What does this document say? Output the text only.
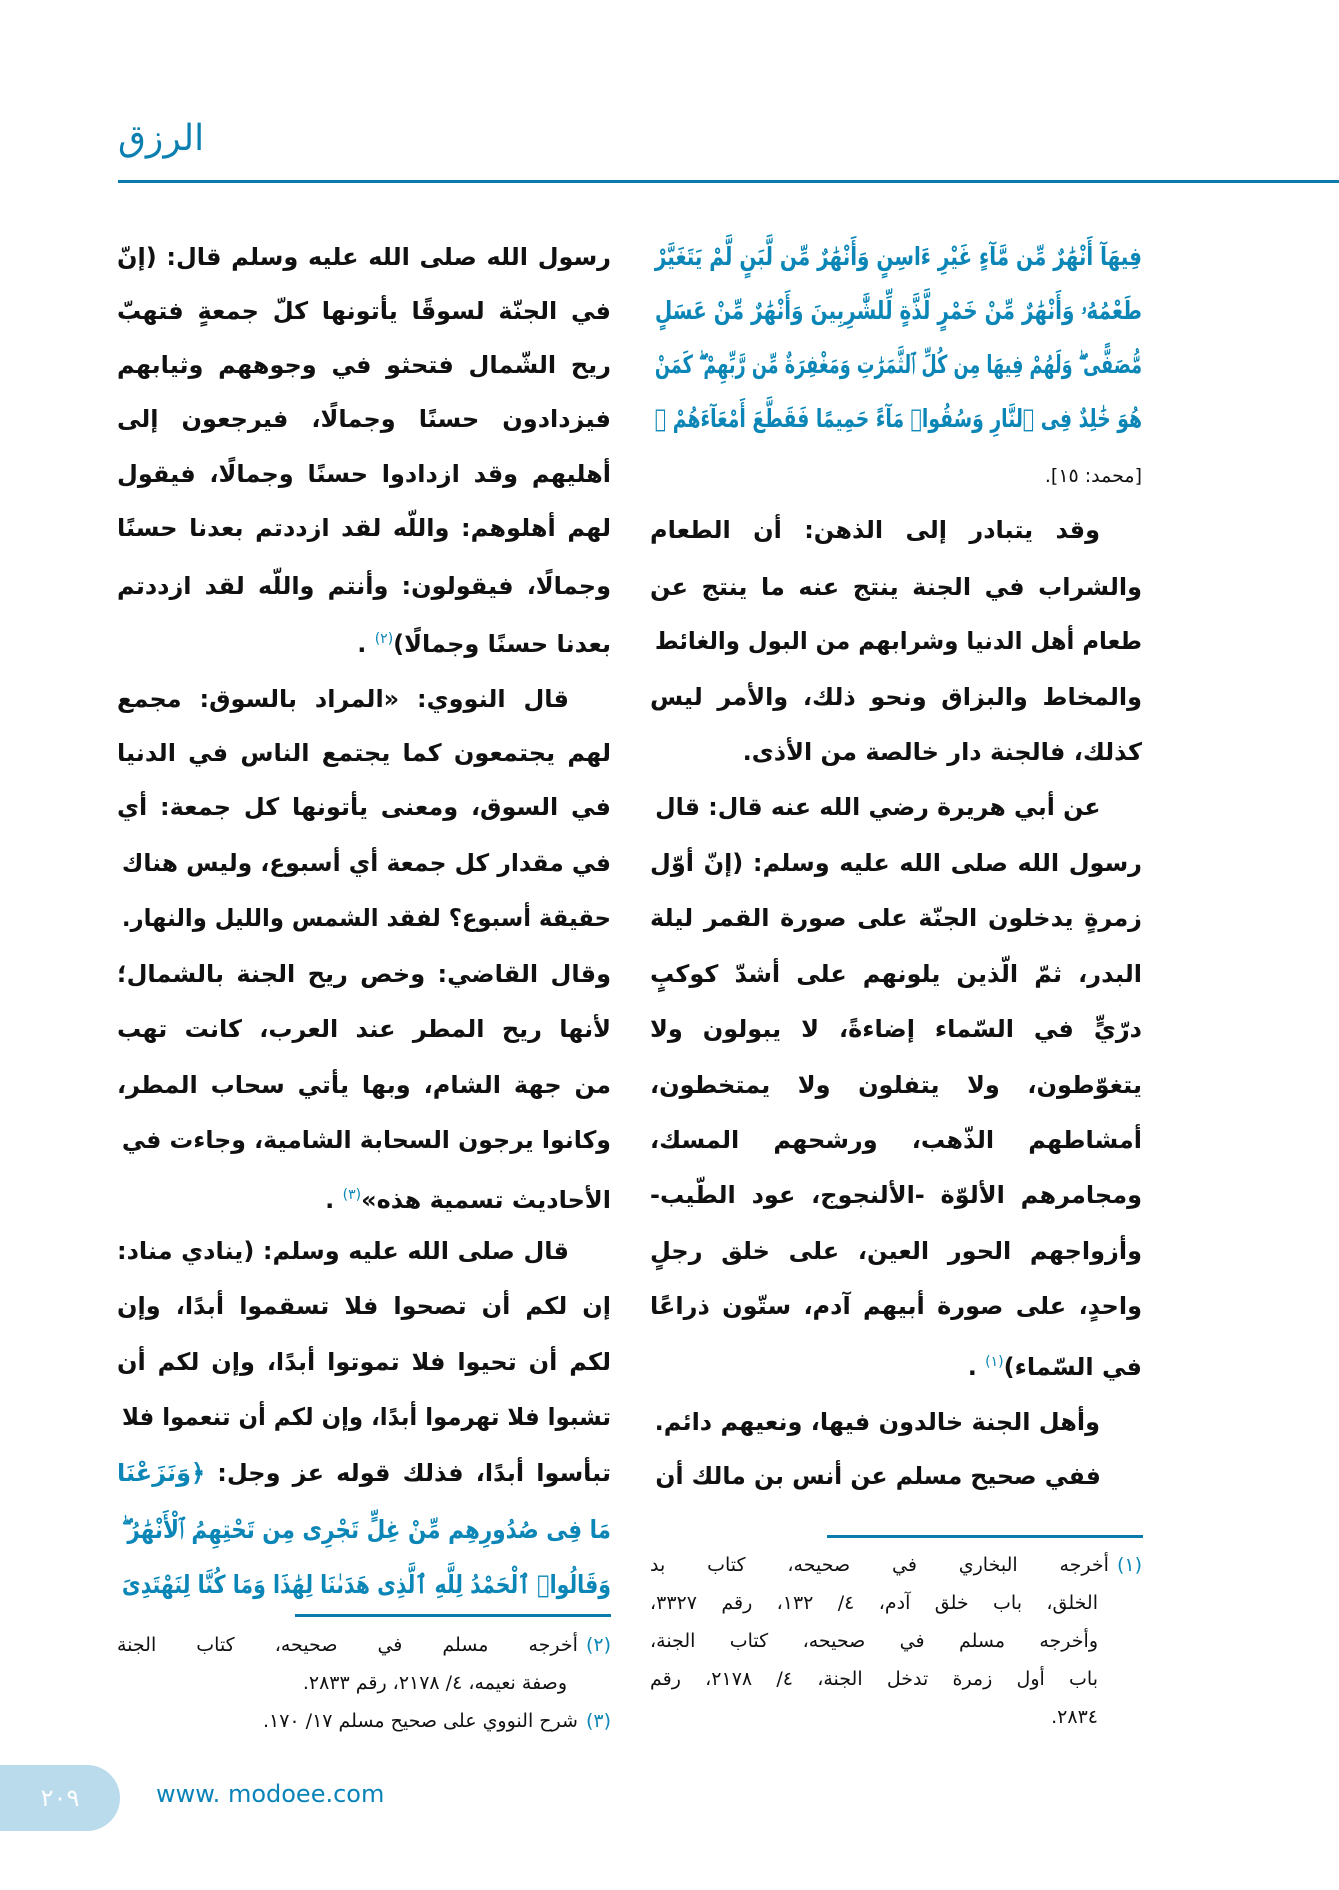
الرزق
فِيهَآ أَنْهَٰرٌ مِّن مَّآءٍ غَيْرِ ءَاسِنٍ وَأَنْهَٰرٌ مِّن لَّبَنٍ لَّمْ يَتَغَيَّرْ
طَعْمُهُۥ وَأَنْهَٰرٌ مِّنْ خَمْرٍ لَّذَّةٍ لِّلشَّٰرِبِينَ وَأَنْهَٰرٌ مِّنْ عَسَلٍ
مُّصَفًّى ۖ وَلَهُمْ فِيهَا مِن كُلِّ ٱلثَّمَرَٰتِ وَمَغْفِرَةٌ مِّن رَّبِّهِمْ ۖ كَمَنْ
هُوَ خَٰلِدٌ فِى ٱلنَّارِ وَسُقُوا۟ مَآءً حَمِيمًا فَقَطَّعَ أَمْعَآءَهُمْ ﴾
[محمد: ١٥].
وقد يتبادر إلى الذهن: أن الطعام
والشراب في الجنة ينتج عنه ما ينتج عن
طعام أهل الدنيا وشرابهم من البول والغائط
والمخاط والبزاق ونحو ذلك، والأمر ليس
كذلك، فالجنة دار خالصة من الأذى.
عن أبي هريرة رضي الله عنه قال: قال
رسول الله صلى الله عليه وسلم: (إنّ أوّل
زمرةٍ يدخلون الجنّة على صورة القمر ليلة
البدر، ثمّ الّذين يلونهم على أشدّ كوكبٍ
درّيٍّ في السّماء إضاءةً، لا يبولون ولا
يتغوّطون، ولا يتفلون ولا يمتخطون،
أمشاطهم الذّهب، ورشحهم المسك،
ومجامرهم الألوّة -الألنجوج، عود الطّيب-
وأزواجهم الحور العين، على خلق رجلٍ
واحدٍ، على صورة أبيهم آدم، ستّون ذراعًا
في السّماء)$^{(١)}$ .
وأهل الجنة خالدون فيها، ونعيهم دائم.
ففي صحيح مسلم عن أنس بن مالك أن
(١)أخرجه البخاري في صحيحه، كتاب بد
الخلق، باب خلق آدم، ٤/ ١٣٢، رقم ٣٣٢٧،
وأخرجه مسلم في صحيحه، كتاب الجنة،
باب أول زمرة تدخل الجنة، ٤/ ٢١٧٨، رقم
٢٨٣٤.
رسول الله صلى الله عليه وسلم قال: (إنّ
في الجنّة لسوقًا يأتونها كلّ جمعةٍ فتهبّ
ريح الشّمال فتحثو في وجوههم وثيابهم
فيزدادون حسنًا وجمالًا، فيرجعون إلى
أهليهم وقد ازدادوا حسنًا وجمالًا، فيقول
لهم أهلوهم: واللّه لقد ازددتم بعدنا حسنًا
وجمالًا، فيقولون: وأنتم واللّه لقد ازددتم
بعدنا حسنًا وجمالًا)$^{(٢)}$ .
قال النووي: «المراد بالسوق: مجمع
لهم يجتمعون كما يجتمع الناس في الدنيا
في السوق، ومعنى يأتونها كل جمعة: أي
في مقدار كل جمعة أي أسبوع، وليس هناك
حقيقة أسبوع؟ لفقد الشمس والليل والنهار.
وقال القاضي: وخص ريح الجنة بالشمال؛
لأنها ريح المطر عند العرب، كانت تهب
من جهة الشام، وبها يأتي سحاب المطر،
وكانوا يرجون السحابة الشامية، وجاءت في
الأحاديث تسمية هذه»$^{(٣)}$ .
قال صلى الله عليه وسلم: (ينادي مناد:
إن لكم أن تصحوا فلا تسقموا أبدًا، وإن
لكم أن تحيوا فلا تموتوا أبدًا، وإن لكم أن
تشبوا فلا تهرموا أبدًا، وإن لكم أن تنعموا فلا
تبأسوا أبدًا، فذلك قوله عز وجل: ﴿وَنَزَعْنَا
مَا فِى صُدُورِهِم مِّنْ غِلٍّ تَجْرِى مِن تَحْتِهِمُ ٱلْأَنْهَٰرُ ۖ
وَقَالُوا۟ ٱلْحَمْدُ لِلَّهِ ٱلَّذِى هَدَىٰنَا لِهَٰذَا وَمَا كُنَّا لِنَهْتَدِىَ
(٢)أخرجه مسلم في صحيحه، كتاب الجنة
وصفة نعيمه، ٤/ ٢١٧٨، رقم ٢٨٣٣.
(٣)شرح النووي على صحيح مسلم ١٧/ ١٧٠.
٢٠٩	www. modoee.com
